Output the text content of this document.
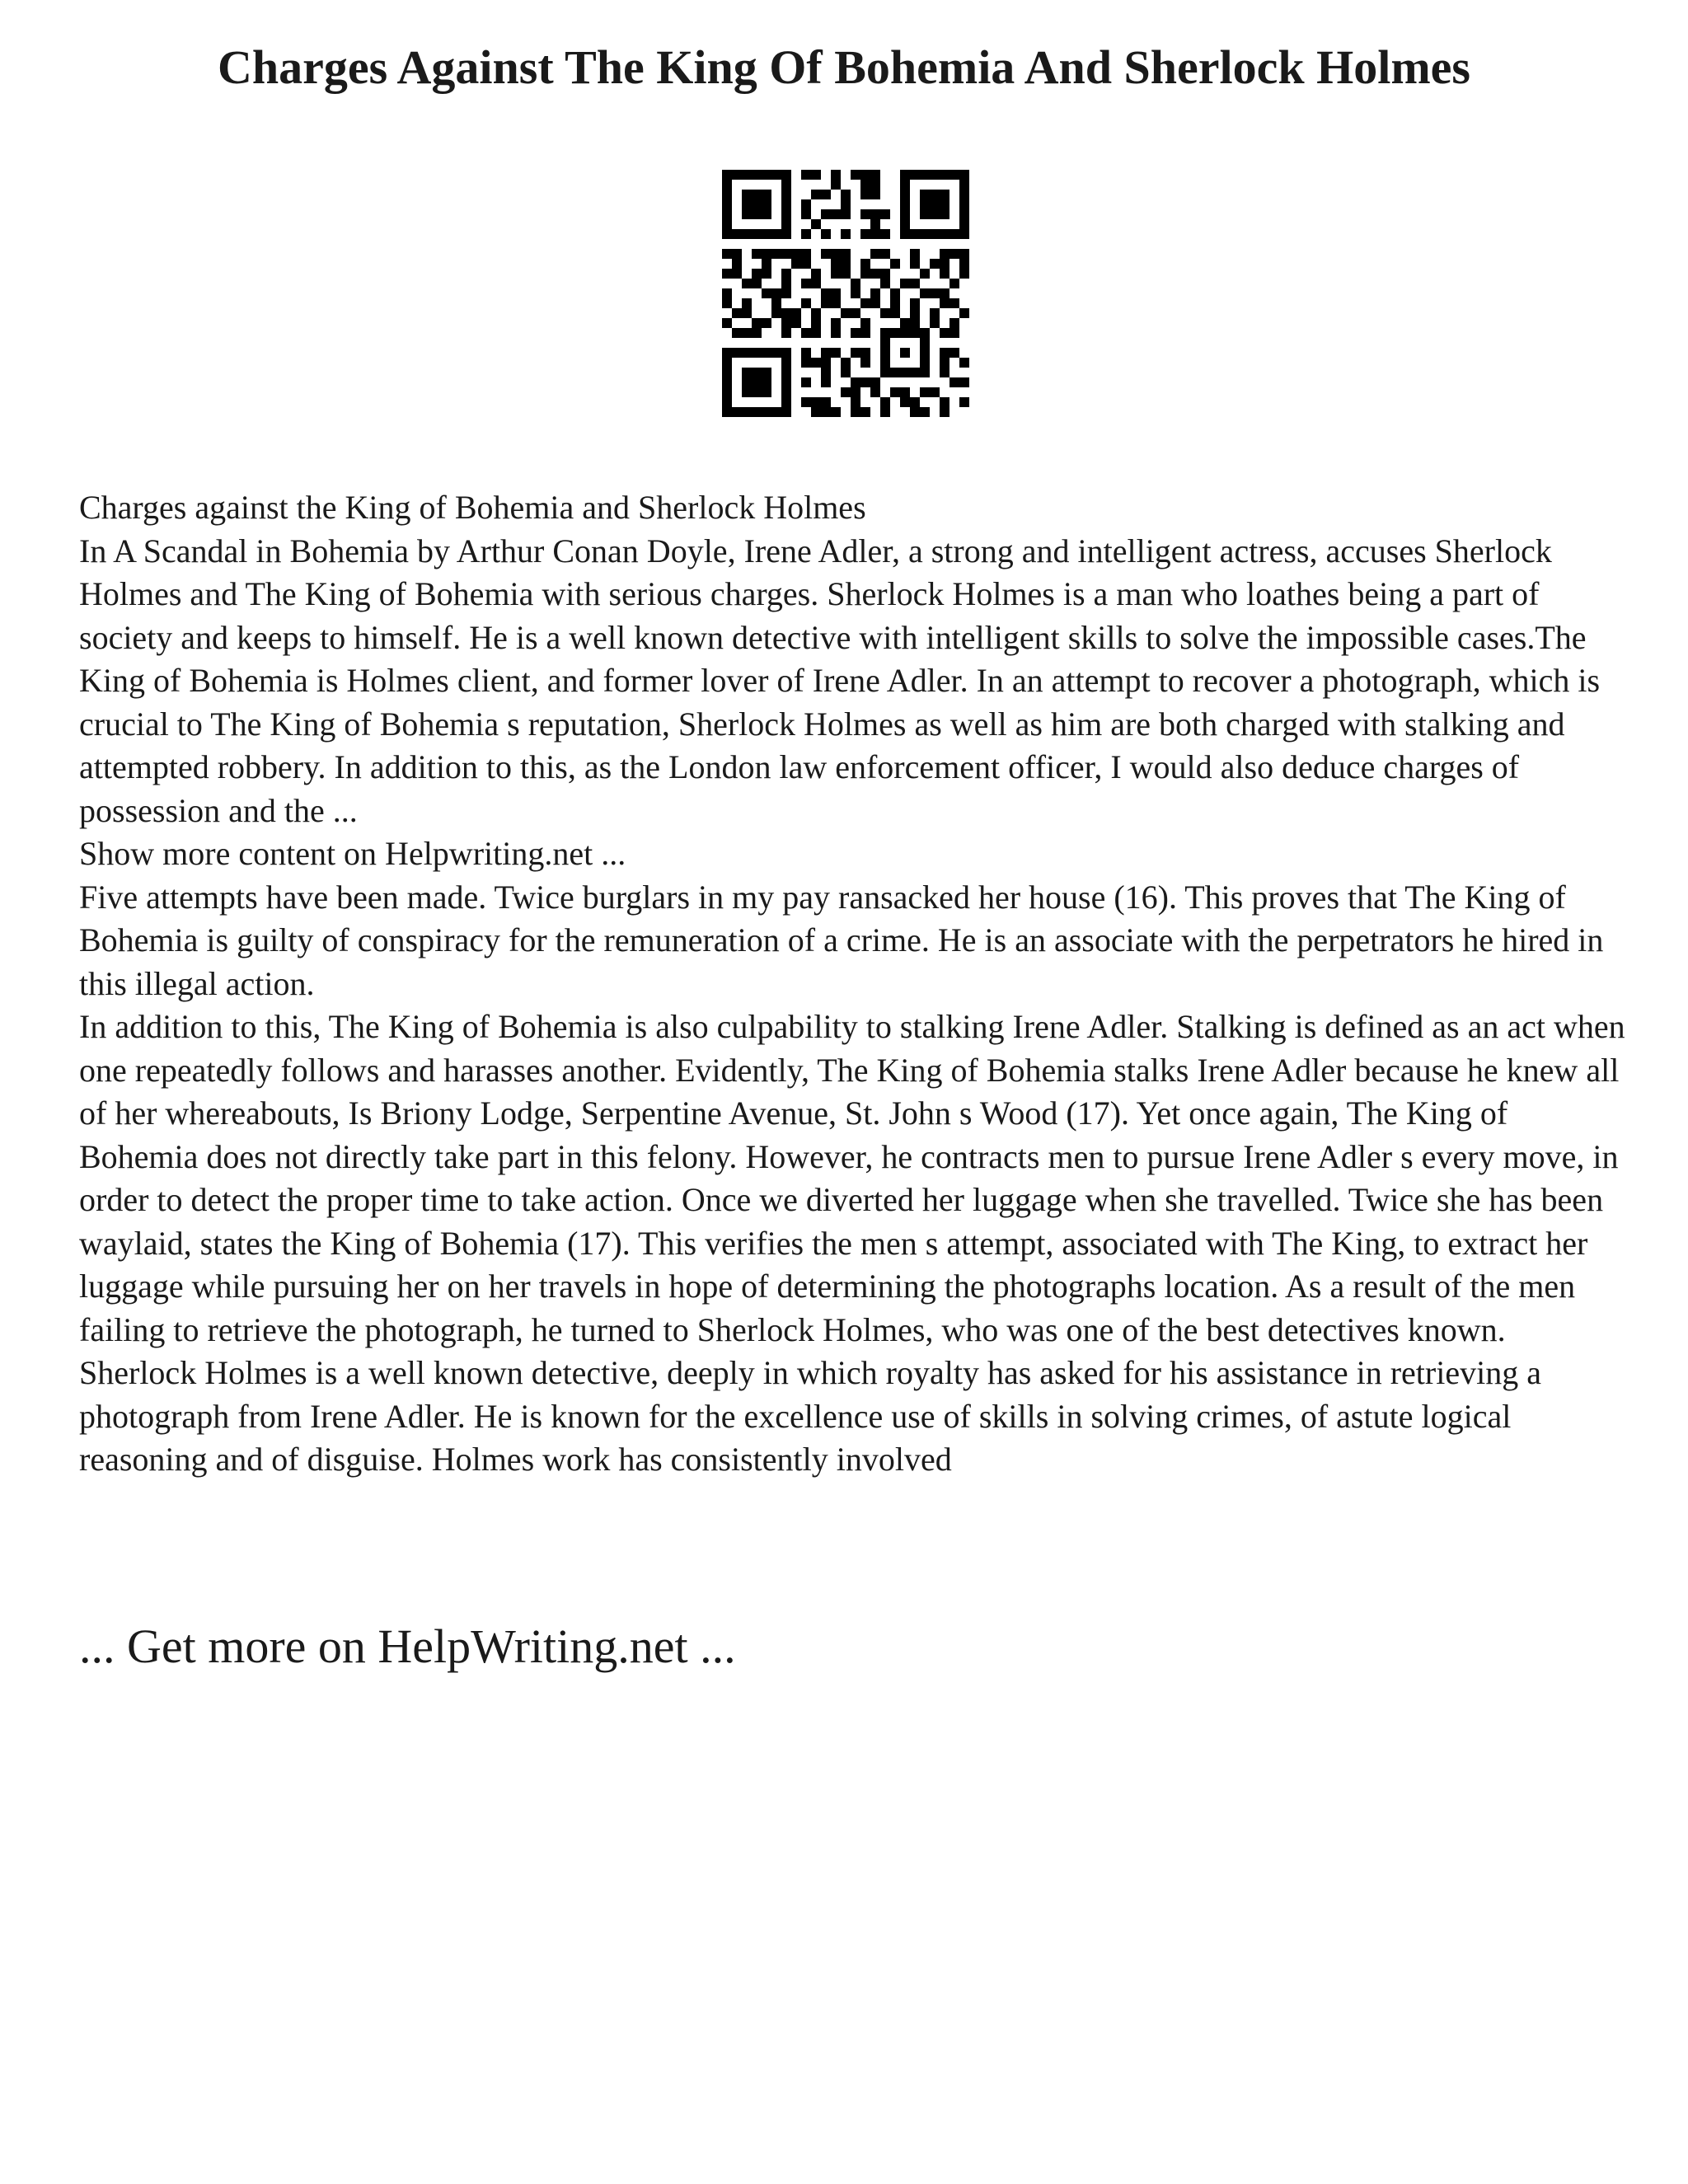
Charges Against The King Of Bohemia And Sherlock Holmes

Charges against the King of Bohemia and Sherlock Holmes

In A Scandal in Bohemia by Arthur Conan Doyle, Irene Adler, a strong and intelligent actress, accuses Sherlock Holmes and The King of Bohemia with serious charges. Sherlock Holmes is a man who loathes being a part of society and keeps to himself. He is a well known detective with intelligent skills to solve the impossible cases.The King of Bohemia is Holmes client, and former lover of Irene Adler. In an attempt to recover a photograph, which is crucial to The King of Bohemia s reputation, Sherlock Holmes as well as him are both charged with stalking and attempted robbery. In addition to this, as the London law enforcement officer, I would also deduce charges of possession and the ...

Show more content on Helpwriting.net ...

Five attempts have been made. Twice burglars in my pay ransacked her house (16). This proves that The King of Bohemia is guilty of conspiracy for the remuneration of a crime. He is an associate with the perpetrators he hired in this illegal action.

In addition to this, The King of Bohemia is also culpability to stalking Irene Adler. Stalking is defined as an act when one repeatedly follows and harasses another. Evidently, The King of Bohemia stalks Irene Adler because he knew all of her whereabouts, Is Briony Lodge, Serpentine Avenue, St. John s Wood (17). Yet once again, The King of Bohemia does not directly take part in this felony. However, he contracts men to pursue Irene Adler s every move, in order to detect the proper time to take action. Once we diverted her luggage when she travelled. Twice she has been waylaid, states the King of Bohemia (17). This verifies the men s attempt, associated with The King, to extract her luggage while pursuing her on her travels in hope of determining the photographs location. As a result of the men failing to retrieve the photograph, he turned to Sherlock Holmes, who was one of the best detectives known.

Sherlock Holmes is a well known detective, deeply in which royalty has asked for his assistance in retrieving a photograph from Irene Adler. He is known for the excellence use of skills in solving crimes, of astute logical reasoning and of disguise. Holmes work has consistently involved

... Get more on HelpWriting.net ...
